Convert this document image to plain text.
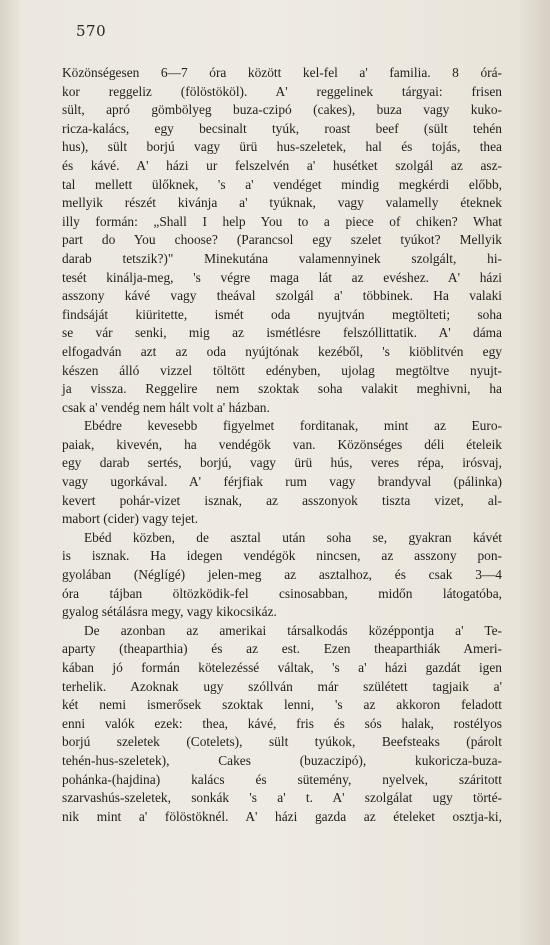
570

Közönségesen 6—7 óra között kel-fel a' familia. 8 órá-
kor reggeliz (fölöstököl). A' reggelinek tárgyai: frisen
sült, apró gömbölyeg buza-czipó (cakes), buza vagy kuko-
ricza-kalács, egy becsinalt tyúk, roast beef (sült tehén
hus), sült borjú vagy ürü hus-szeletek, hal és tojás, thea
és kávé. A' házi ur felszelvén a' husétket szolgál az asz-
tal mellett ülőknek, 's a' vendéget mindig megkérdi előbb,
mellyik részét kivánja a' tyúknak, vagy valamelly éteknek
illy formán: „Shall I help You to a piece of chiken? What
part do You choose? (Parancsol egy szelet tyúkot? Mellyik
darab tetszik?)" Minekutána valamennyinek szolgált, hi-
tesét kinálja-meg, 's végre maga lát az evéshez. A' házi
asszony kávé vagy theával szolgál a' többinek. Ha valaki
findsáját kiüritette, ismét oda nyujtván megtölteti; soha
se vár senki, mig az ismétlésre felszóllittatik. A' dáma
elfogadván azt az oda nyújtónak kezéből, 's kiöblitvén egy
készen álló vizzel töltött edényben, ujolag megtöltve nyujt-
ja vissza. Reggelire nem szoktak soha valakit meghivni, ha
csak a' vendég nem hált volt a' házban.

Ebédre kevesebb figyelmet forditanak, mint az Euro-
paiak, kivevén, ha vendégök van. Közönséges déli ételeik
egy darab sertés, borjú, vagy ürü hús, veres répa, irósvaj,
vagy ugorkával. A' férjfiak rum vagy brandyval (pálinka)
kevert pohár-vizet isznak, az asszonyok tiszta vizet, al-
mabort (cider) vagy tejet.

Ebéd közben, de asztal után soha se, gyakran kávét
is isznak. Ha idegen vendégök nincsen, az asszony pon-
gyolában (Néglígé) jelen-meg az asztalhoz, és csak 3—4
óra tájban öltözködik-fel csinosabban, midőn látogatóba,
gyalog sétálásra megy, vagy kikocsikáz.

De azonban az amerikai társalkodás középpontja a' Te-
aparty (theaparthia) és az est. Ezen theaparthiák Ameri-
kában jó formán kötelezéssé váltak, 's a' házi gazdát igen
terhelik. Azoknak ugy szóllván már szülétett tagjaik a'
két nemi ismerősek szoktak lenni, 's az akkoron feladott
enni valók ezek: thea, kávé, fris és sós halak, rostélyos
borjú szeletek (Cotelets), sült tyúkok, Beefsteaks (párolt
tehén-hus-szeletek), Cakes (buzaczipó), kukoricza-buza-
pohánka-(hajdina) kalács és sütemény, nyelvek, száritott
szarvashús-szeletek, sonkák 's a' t. A' szolgálat ugy törté-
nik mint a' fölöstöknél. A' házi gazda az ételeket osztja-ki,
